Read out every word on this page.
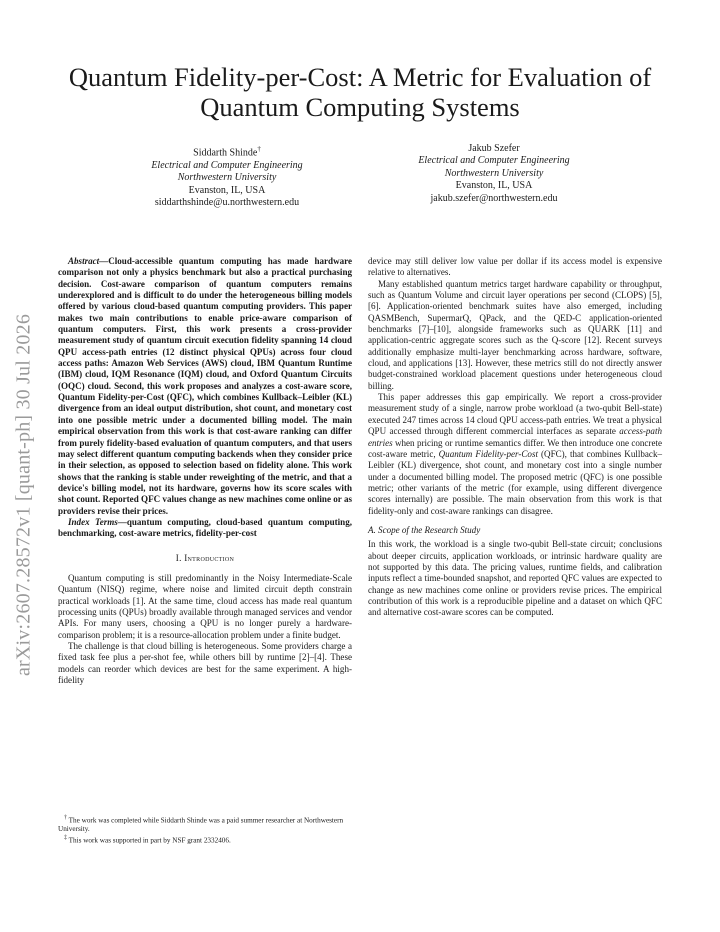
arXiv:2607.28572v1 [quant-ph] 30 Jul 2026
Quantum Fidelity-per-Cost: A Metric for Evaluation of Quantum Computing Systems
Siddarth Shinde†
Electrical and Computer Engineering
Northwestern University
Evanston, IL, USA
siddarthshinde@u.northwestern.edu
Jakub Szefer
Electrical and Computer Engineering
Northwestern University
Evanston, IL, USA
jakub.szefer@northwestern.edu

Abstract—Cloud-accessible quantum computing has made hardware comparison not only a physics benchmark but also a practical purchasing decision. Cost-aware comparison of quantum computers remains underexplored and is difficult to do under the heterogeneous billing models offered by various cloud-based quantum computing providers. This paper makes two main contributions to enable price-aware comparison of quantum computers. First, this work presents a cross-provider measurement study of quantum circuit execution fidelity spanning 14 cloud QPU access-path entries (12 distinct physical QPUs) across four cloud access paths: Amazon Web Services (AWS) cloud, IBM Quantum Runtime (IBM) cloud, IQM Resonance (IQM) cloud, and Oxford Quantum Circuits (OQC) cloud. Second, this work proposes and analyzes a cost-aware score, Quantum Fidelity-per-Cost (QFC), which combines Kullback–Leibler (KL) divergence from an ideal output distribution, shot count, and monetary cost into one possible metric under a documented billing model. The main empirical observation from this work is that cost-aware ranking can differ from purely fidelity-based evaluation of quantum computers, and that users may select different quantum computing backends when they consider price in their selection, as opposed to selection based on fidelity alone. This work shows that the ranking is stable under reweighting of the metric, and that a device's billing model, not its hardware, governs how its score scales with shot count. Reported QFC values change as new machines come online or as providers revise their prices.

Index Terms—quantum computing, cloud-based quantum computing, benchmarking, cost-aware metrics, fidelity-per-cost

I. Introduction

Quantum computing is still predominantly in the Noisy Intermediate-Scale Quantum (NISQ) regime, where noise and limited circuit depth constrain practical workloads [1]. At the same time, cloud access has made real quantum processing units (QPUs) broadly available through managed services and vendor APIs. For many users, choosing a QPU is no longer purely a hardware-comparison problem; it is a resource-allocation problem under a finite budget.

The challenge is that cloud billing is heterogeneous. Some providers charge a fixed task fee plus a per-shot fee, while others bill by runtime [2]–[4]. These models can reorder which devices are best for the same experiment. A high-fidelity

device may still deliver low value per dollar if its access model is expensive relative to alternatives.

Many established quantum metrics target hardware capability or throughput, such as Quantum Volume and circuit layer operations per second (CLOPS) [5], [6]. Application-oriented benchmark suites have also emerged, including QASMBench, SupermarQ, QPack, and the QED-C application-oriented benchmarks [7]–[10], alongside frameworks such as QUARK [11] and application-centric aggregate scores such as the Q-score [12]. Recent surveys additionally emphasize multi-layer benchmarking across hardware, software, cloud, and applications [13]. However, these metrics still do not directly answer budget-constrained workload placement questions under heterogeneous cloud billing.

This paper addresses this gap empirically. We report a cross-provider measurement study of a single, narrow probe workload (a two-qubit Bell-state) executed 247 times across 14 cloud QPU access-path entries. We treat a physical QPU accessed through different commercial interfaces as separate access-path entries when pricing or runtime semantics differ. We then introduce one concrete cost-aware metric, Quantum Fidelity-per-Cost (QFC), that combines Kullback–Leibler (KL) divergence, shot count, and monetary cost into a single number under a documented billing model. The proposed metric (QFC) is one possible metric; other variants of the metric (for example, using different divergence scores internally) are possible. The main observation from this work is that fidelity-only and cost-aware rankings can disagree.

A. Scope of the Research Study

In this work, the workload is a single two-qubit Bell-state circuit; conclusions about deeper circuits, application workloads, or intrinsic hardware quality are not supported by this data. The pricing values, runtime fields, and calibration inputs reflect a time-bounded snapshot, and reported QFC values are expected to change as new machines come online or providers revise prices. The empirical contribution of this work is a reproducible pipeline and a dataset on which QFC and alternative cost-aware scores can be computed.

† The work was completed while Siddarth Shinde was a paid summer researcher at Northwestern University.

‡ This work was supported in part by NSF grant 2332406.
